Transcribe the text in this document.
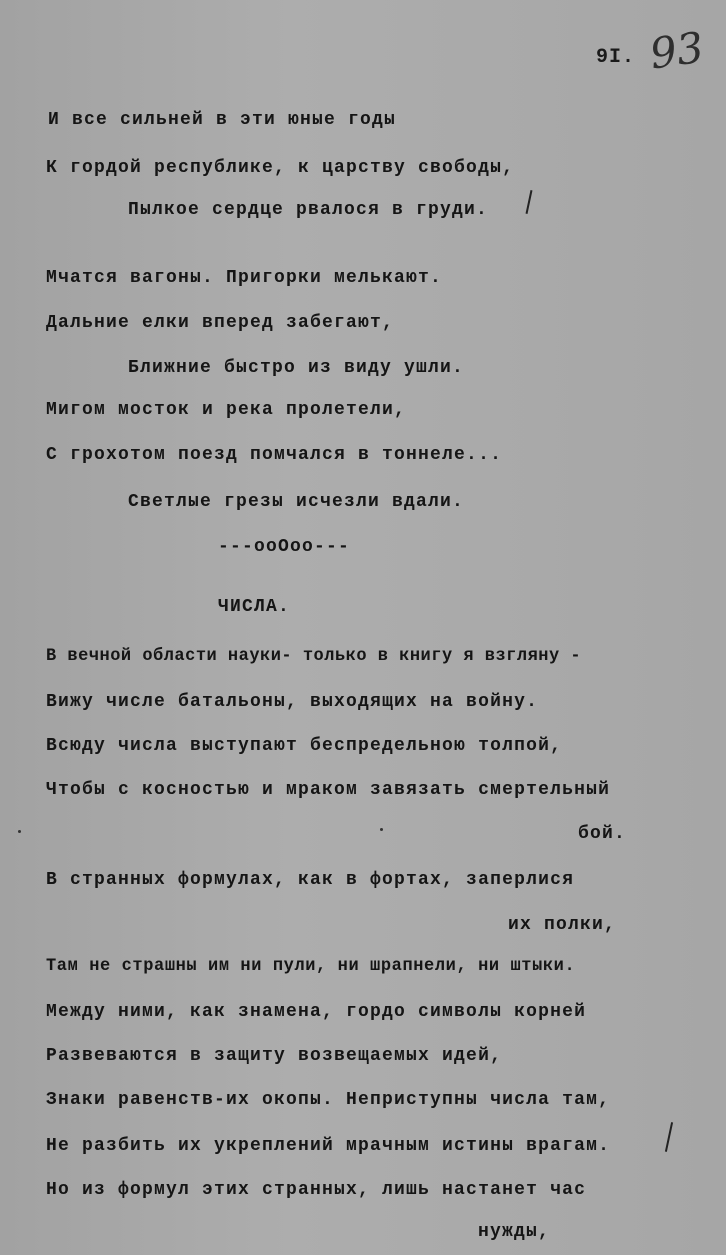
9I. 93
И все сильней в эти юные годы
К гордой республике, к царству свободы,
Пылкое сердце рвалося в груди.
Мчатся вагоны. Пригорки мелькают.
Дальние елки вперед забегают,
Ближние быстро из виду ушли.
Мигом мосток и река пролетели,
С грохотом поезд помчался в тоннеле...
Светлые грезы исчезли вдали.
---ооОоо---
ЧИСЛА.
В вечной области науки- только в книгу я взгляну -
Вижу числе батальоны, выходящих на войну.
Всюду числа выступают беспредельною толпой,
Чтобы с косностью и мраком завязать смертельный
бой.
В странных формулах, как в фортах, заперлися
их полки,
Там не страшны им ни пули, ни шрапнели, ни штыки.
Между ними, как знамена, гордо символы корней
Развеваются в защиту возвещаемых идей,
Знаки равенств-их окопы. Неприступны числа там,
Не разбить их укреплений мрачным истины врагам.
Но из формул этих странных, лишь настанет час
нужды,
